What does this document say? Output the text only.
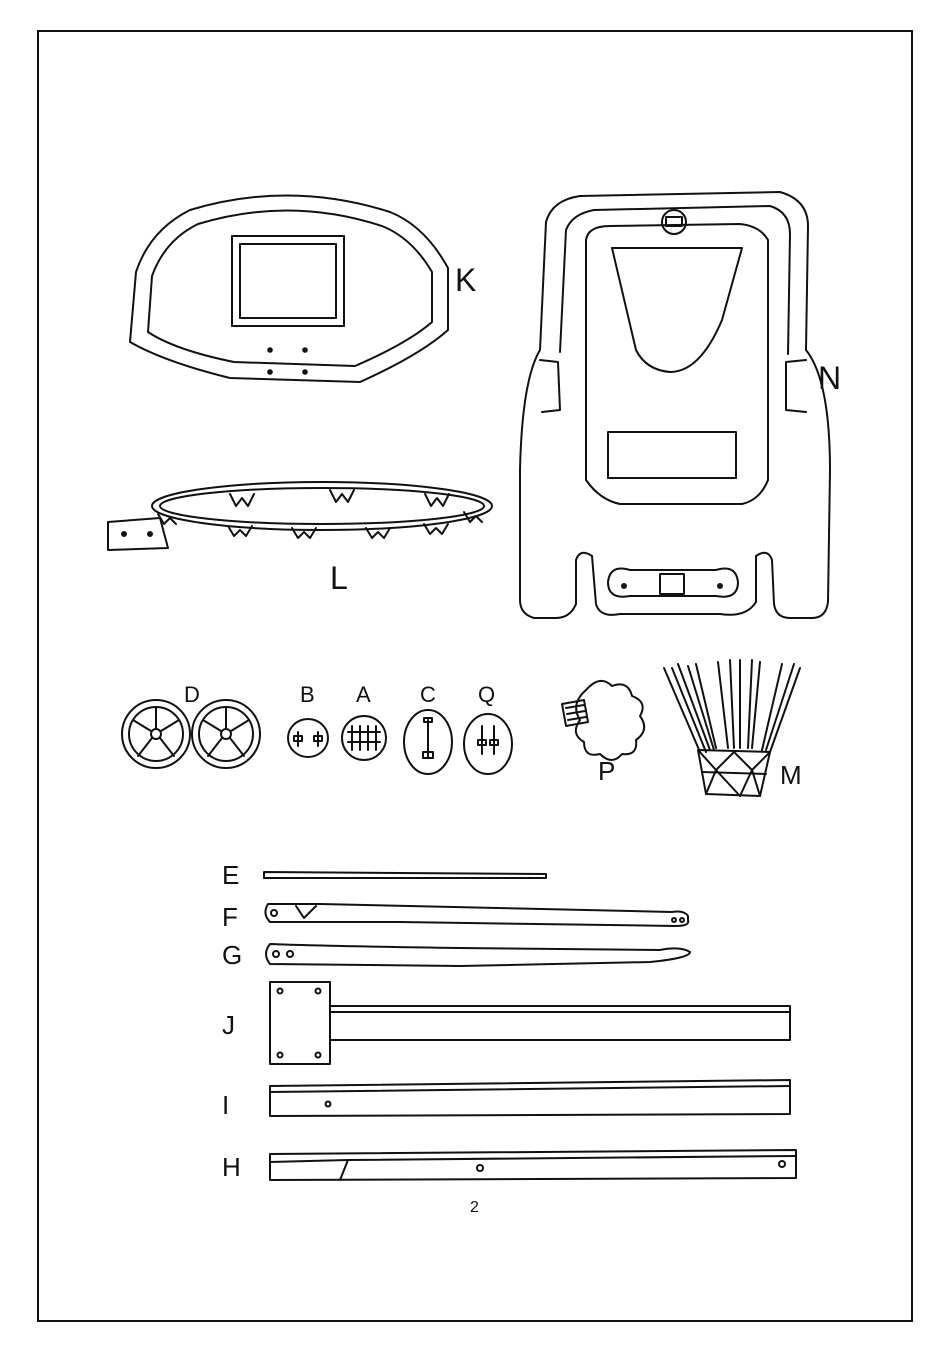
K
N
L
D	B A C Q
P	M
E
F
G
J
I
H
2
